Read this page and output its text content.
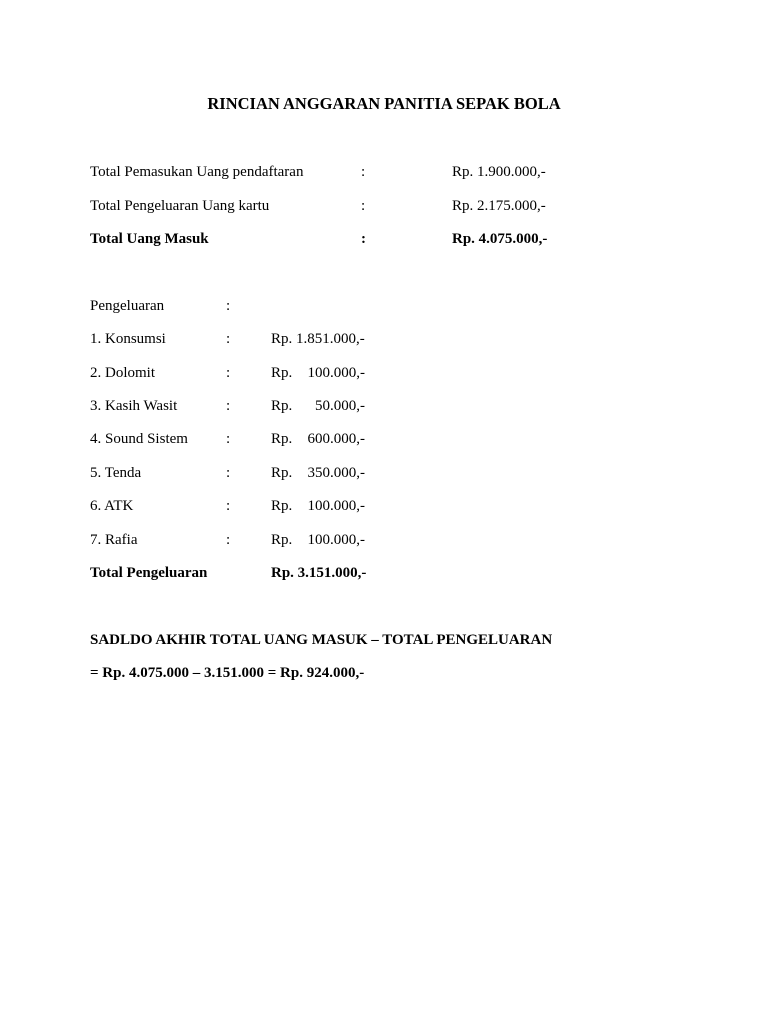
RINCIAN ANGGARAN PANITIA SEPAK BOLA
Total Pemasukan Uang pendaftaran	:	Rp. 1.900.000,-
Total Pengeluaran Uang kartu	:	Rp. 2.175.000,-
Total Uang Masuk	:	Rp. 4.075.000,-
Pengeluaran	:
1. Konsumsi	:	Rp. 1.851.000,-
2. Dolomit	:	Rp.	100.000,-
3. Kasih Wasit	:	Rp.	50.000,-
4. Sound Sistem	:	Rp.	600.000,-
5. Tenda	:	Rp.	350.000,-
6. ATK	:	Rp.	100.000,-
7. Rafia	:	Rp.	100.000,-
Total Pengeluaran	Rp. 3.151.000,-
SADLDO AKHIR TOTAL UANG MASUK – TOTAL PENGELUARAN
= Rp. 4.075.000 – 3.151.000 = Rp. 924.000,-
